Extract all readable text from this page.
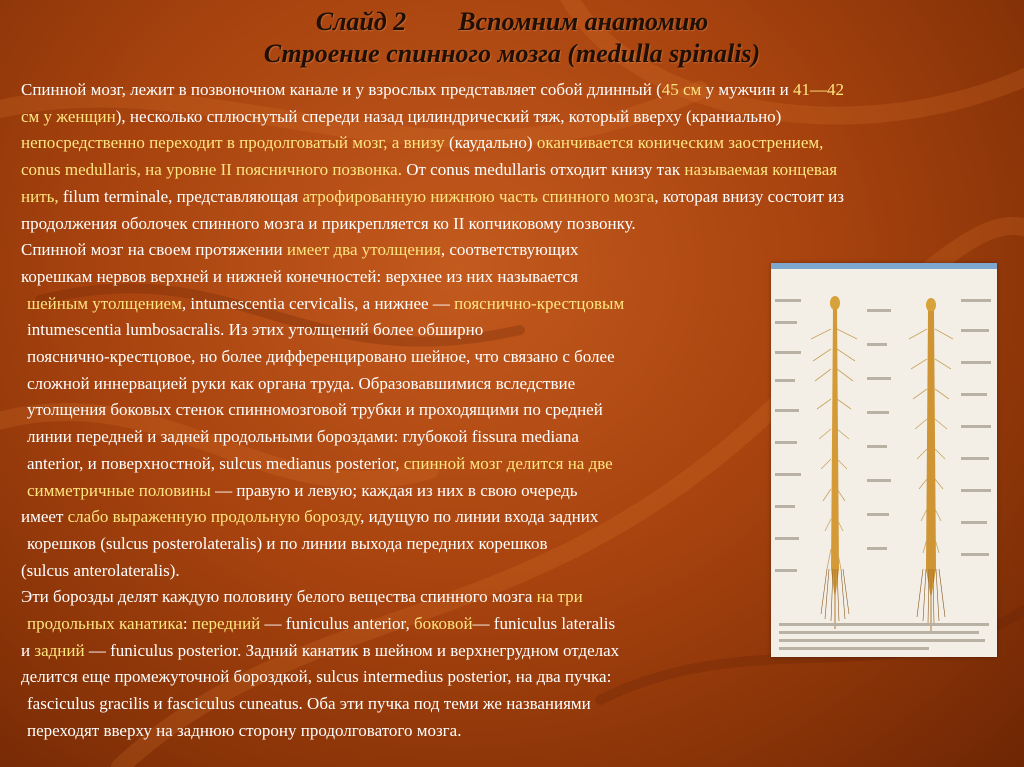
Слайд 2 Вспомним анатомию
Строение спинного мозга (medulla spinalis)

Спинной мозг, лежит в позвоночном канале и у взрослых представляет собой длинный (45 см у мужчин и 41—42
см у женщин), несколько сплюснутый спереди назад цилиндрический тяж, который вверху (краниально)
непосредственно переходит в продолговатый мозг, а внизу (каудально) оканчивается коническим заострением,
conus medullaris, на уровне II поясничного позвонка. От conus medullaris отходит книзу так называемая концевая
нить, filum terminale, представляющая атрофированную нижнюю часть спинного мозга, которая внизу состоит из
продолжения оболочек спинного мозга и прикрепляется ко II копчиковому позвонку.

Спинной мозг на своем протяжении имеет два утолщения, соответствующих
корешкам нервов верхней и нижней конечностей: верхнее из них называется
шейным утолщением, intumescentia cervicalis, а нижнее — пояснично-крестцовым
intumescentia lumbosacralis. Из этих утолщений более обширно
пояснично-крестцовое, но более дифференцировано шейное, что связано с более
сложной иннервацией руки как органа труда. Образовавшимися вследствие
утолщения боковых стенок спинномозговой трубки и проходящими по средней
линии передней и задней продольными бороздами: глубокой fissura mediana
anterior, и поверхностной, sulcus medianus posterior, спинной мозг делится на две
симметричные половины — правую и левую; каждая из них в свою очередь
имеет слабо выраженную продольную борозду, идущую по линии входа задних
корешков (sulcus posterolateralis) и по линии выхода передних корешков
(sulcus anterolateralis).

Эти борозды делят каждую половину белого вещества спинного мозга на три
продольных канатика: передний — funiculus anterior, боковой— funiculus lateralis
и задний — funiculus posterior. Задний канатик в шейном и верхнегрудном отделах
делится еще промежуточной бороздкой, sulcus intermedius posterior, на два пучка:
fasciculus gracilis и fasciculus cuneatus. Оба эти пучка под теми же названиями
переходят вверху на заднюю сторону продолговатого мозга.
